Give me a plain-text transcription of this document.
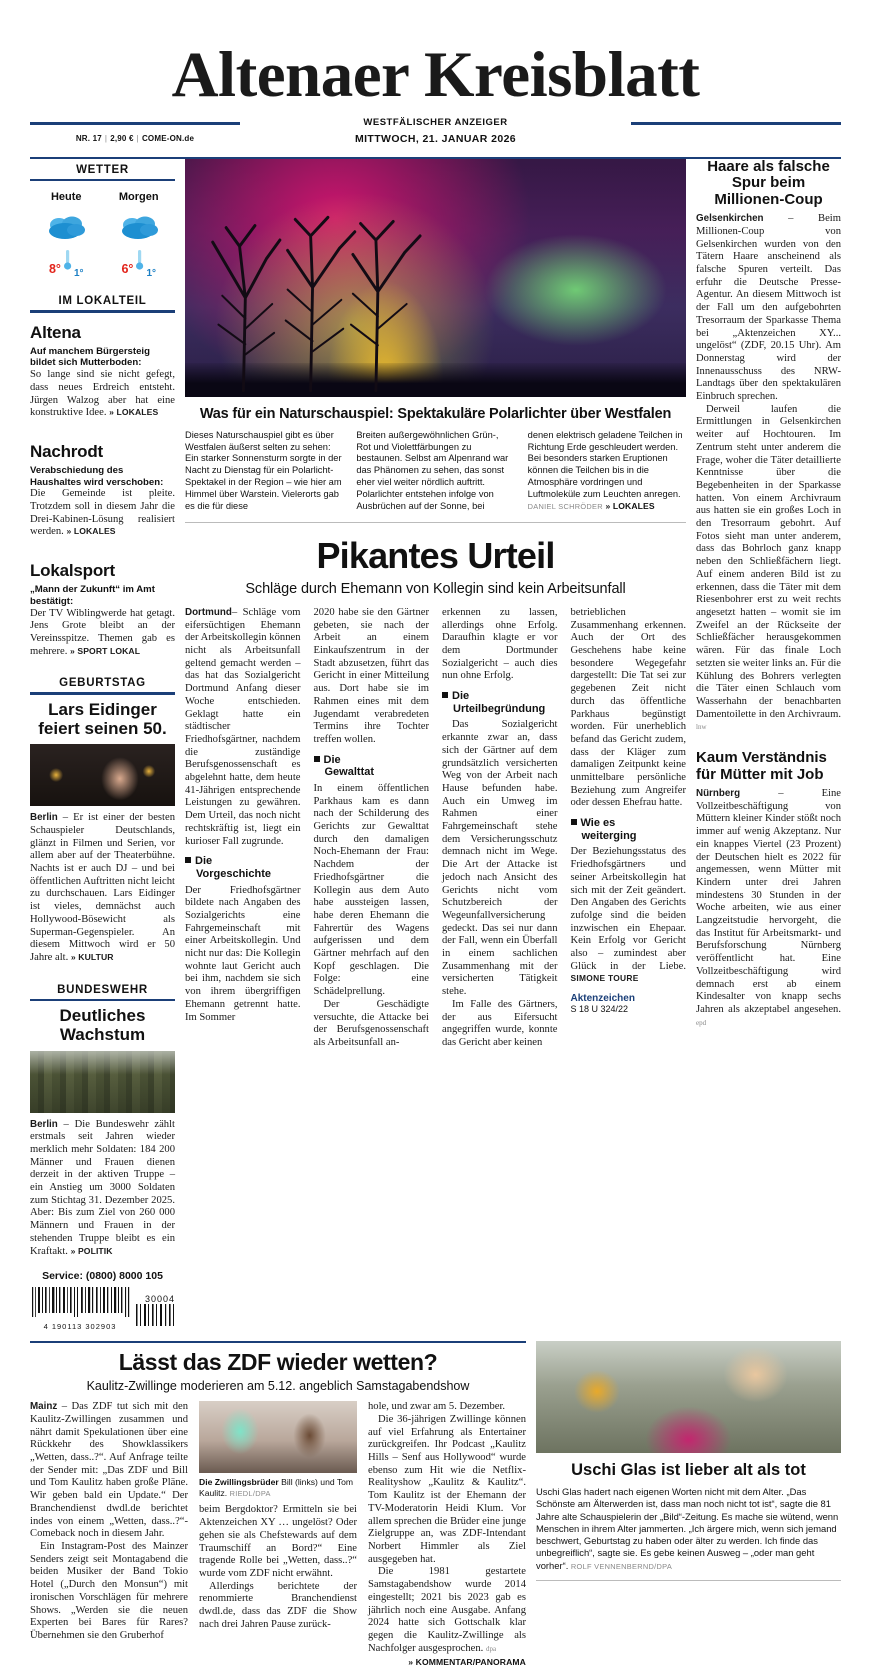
Altenaer Kreisblatt
WESTFÄLISCHER ANZEIGER
NR. 17 | 2,90 € | COME-ON.de	MITTWOCH, 21. JANUAR 2026
WETTER
Heute
8° 1°
Morgen
6° 1°
IM LOKALTEIL
Altena
Auf manchem Bürgersteig bildet sich Mutterboden:
So lange sind sie nicht gefegt, dass neues Erdreich entsteht. Jürgen Walzog aber hat eine konstruktive Idee. » LOKALES
Nachrodt
Verabschiedung des Haushaltes wird verschoben:
Die Gemeinde ist pleite. Trotzdem soll in diesem Jahr die Drei-Kabinen-Lösung realisiert werden. » LOKALES
Lokalsport
„Mann der Zukunft“ im Amt bestätigt:
Der TV Wiblingwerde hat getagt. Jens Grote bleibt an der Vereinsspitze. Themen gab es mehrere. » SPORT LOKAL
GEBURTSTAG
Lars Eidinger feiert seinen 50.
Berlin – Er ist einer der besten Schauspieler Deutschlands, glänzt in Filmen und Serien, vor allem aber auf der Theaterbühne. Nachts ist er auch DJ – und bei öffentlichen Auftritten nicht leicht zu durchschauen. Lars Eidinger ist vieles, demnächst auch Hollywood-Bösewicht als Superman-Gegenspieler. An diesem Mittwoch wird er 50 Jahre alt. » KULTUR
BUNDESWEHR
Deutliches Wachstum
Berlin – Die Bundeswehr zählt erstmals seit Jahren wieder merklich mehr Soldaten: 184 200 Männer und Frauen dienen derzeit in der aktiven Truppe – ein Anstieg um 3000 Soldaten zum Stichtag 31. Dezember 2025. Aber: Bis zum Ziel von 260 000 Männern und Frauen in der stehenden Truppe bleibt es ein Kraftakt. » POLITIK
Service: (0800) 8000 105
4 190113 302903
30004
Was für ein Naturschauspiel: Spektakuläre Polarlichter über Westfalen
Dieses Naturschauspiel gibt es über Westfalen äußerst selten zu sehen: Ein starker Sonnensturm sorgte in der Nacht zu Dienstag für ein Polarlicht-Spektakel in der Region – wie hier am Himmel über Warstein. Vielerorts gab es die für diese
Breiten außergewöhnlichen Grün-, Rot und Violettfärbungen zu bestaunen. Selbst am Alpenrand war das Phänomen zu sehen, das sonst eher viel weiter nördlich auftritt. Polarlichter entstehen infolge von Ausbrüchen auf der Sonne, bei
denen elektrisch geladene Teilchen in Richtung Erde geschleudert werden. Bei besonders starken Eruptionen können die Teilchen bis in die Atmosphäre vordringen und Luftmoleküle zum Leuchten anregen. DANIEL SCHRÖDER » LOKALES
Pikantes Urteil
Schläge durch Ehemann von Kollegin sind kein Arbeitsunfall
Dortmund– Schläge vom eifersüchtigen Ehemann der Arbeitskollegin können nicht als Arbeitsunfall geltend gemacht werden – das hat das Sozialgericht Dortmund Anfang dieser Woche entschieden. Geklagt hatte ein städtischer Friedhofsgärtner, nachdem die zuständige Berufsgenossenschaft es abgelehnt hatte, dem heute 41-Jährigen entsprechende Leistungen zu gewähren. Dem Urteil, das noch nicht rechtskräftig ist, liegt ein kurioser Fall zugrunde.
Die
Vorgeschichte
Der Friedhofsgärtner bildete nach Angaben des Sozialgerichts eine Fahrgemeinschaft mit einer Arbeitskollegin. Und nicht nur das: Die Kollegin wohnte laut Gericht auch bei ihm, nachdem sie sich von ihrem übergriffigen Ehemann getrennt hatte. Im Sommer
2020 habe sie den Gärtner gebeten, sie nach der Arbeit an einem Einkaufszentrum in der Stadt abzusetzen, führt das Gericht in einer Mitteilung aus. Dort habe sie im Rahmen eines mit dem Jugendamt verabredeten Termins ihre Tochter treffen wollen.
Die
Gewalttat
In einem öffentlichen Parkhaus kam es dann nach der Schilderung des Gerichts zur Gewalttat durch den damaligen Noch-Ehemann der Frau: Nachdem der Friedhofsgärtner die Kollegin aus dem Auto habe aussteigen lassen, habe deren Ehemann die Fahrertür des Wagens aufgerissen und dem Gärtner mehrfach auf den Kopf geschlagen. Die Folge: eine Schädelprellung.
Der Geschädigte versuchte, die Attacke bei der Berufsgenossenschaft als Arbeitsunfall an-
erkennen zu lassen, allerdings ohne Erfolg. Daraufhin klagte er vor dem Dortmunder Sozialgericht – auch dies nun ohne Erfolg.
Die
Urteilbegründung
Das Sozialgericht erkannte zwar an, dass sich der Gärtner auf dem grundsätzlich versicherten Weg von der Arbeit nach Hause befunden habe. Auch ein Umweg im Rahmen einer Fahrgemeinschaft stehe dem Versicherungsschutz demnach nicht im Wege. Die Art der Attacke ist jedoch nach Ansicht des Gerichts nicht vom Schutzbereich der Wegeunfallversicherung gedeckt. Das sei nur dann der Fall, wenn ein Überfall in einem sachlichen Zusammenhang mit der versicherten Tätigkeit stehe.
Im Falle des Gärtners, der aus Eifersucht angegriffen wurde, konnte das Gericht aber keinen
betrieblichen Zusammenhang erkennen. Auch der Ort des Geschehens habe keine besondere Wegegefahr dargestellt: Die Tat sei zur gegebenen Zeit nicht durch das öffentliche Parkhaus begünstigt worden. Für unerheblich befand das Gericht zudem, dass der Kläger zum damaligen Zeitpunkt keine unmittelbare persönliche Beziehung zum Angreifer oder dessen Ehefrau hatte.
Wie es
weiterging
Der Beziehungsstatus des Friedhofsgärtners und seiner Arbeitskollegin hat sich mit der Zeit geändert. Den Angaben des Gerichts zufolge sind die beiden inzwischen ein Ehepaar. Kein Erfolg vor Gericht also – zumindest aber Glück in der Liebe. SIMONE TOURE
Aktenzeichen
S 18 U 324/22
Haare als falsche Spur beim Millionen-Coup
Gelsenkirchen – Beim Millionen-Coup von Gelsenkirchen wurden von den Tätern Haare anscheinend als falsche Spuren verteilt. Das erfuhr die Deutsche Presse-Agentur. An diesem Mittwoch ist der Fall um den aufgebohrten Tresorraum der Sparkasse Thema bei „Aktenzeichen XY... ungelöst“ (ZDF, 20.15 Uhr). Am Donnerstag wird der Innenausschuss des NRW-Landtags über den spektakulären Einbruch sprechen.
Derweil laufen die Ermittlungen in Gelsenkirchen weiter auf Hochtouren. Im Zentrum steht unter anderem die Frage, woher die Täter detaillierte Kenntnisse über die Begebenheiten in der Sparkasse hatten. Von einem Archivraum aus hatten sie ein großes Loch in den Tresorraum gebohrt. Auf Fotos sieht man unter anderem, dass das Bohrloch ganz knapp neben den Schließfächern liegt. Auf einem anderen Bild ist zu erkennen, dass die Täter mit dem Riesenbohrer erst zu weit rechts angesetzt hatten – womit sie im Zweifel an der Rückseite der Schließfächer herausgekommen wären. Für das finale Loch setzten sie weiter links an. Für die Kühlung des Bohrers verlegten die Täter einen Schlauch vom Wasserhahn der benachbarten Damentoilette in den Archivraum. lnw
Kaum Verständnis für Mütter mit Job
Nürnberg	– Eine Vollzeitbeschäftigung von Müttern kleiner Kinder stößt noch immer auf wenig Akzeptanz. Nur ein knappes Viertel (23 Prozent) der Deutschen hielt es 2022 für angemessen, wenn Mütter mit Kindern unter drei Jahren mindestens 30 Stunden in der Woche arbeiten, wie aus einer Langzeitstudie hervorgeht, die das Institut für Arbeitsmarkt- und Berufsforschung Nürnberg veröffentlicht hat. Eine Vollzeitbeschäftigung wird demnach erst ab einem Kindesalter von knapp sechs Jahren als akzeptabel angesehen. epd
Lässt das ZDF wieder wetten?
Kaulitz-Zwillinge moderieren am 5.12. angeblich Samstagabendshow
Mainz – Das ZDF tut sich mit den Kaulitz-Zwillingen zusammen und nährt damit Spekulationen über eine Rückkehr des Showklassikers „Wetten, dass..?“. Auf Anfrage teilte der Sender mit: „Das ZDF und Bill und Tom Kaulitz haben große Pläne. Wir geben bald ein Update.“ Der Branchendienst dwdl.de berichtet indes von einem „Wetten, dass..?“-Comeback noch in diesem Jahr.
Ein Instagram-Post des Mainzer Senders zeigt seit Montagabend die beiden Musiker der Band Tokio Hotel („Durch den Monsun“) mit ironischen Vorschlägen für mehrere Shows. „Werden sie die neuen Experten bei Bares für Rares? Übernehmen sie den Gruberhof
Die Zwillingsbrüder Bill (links) und Tom Kaulitz. RIEDL/DPA
beim Bergdoktor? Ermitteln sie bei Aktenzeichen XY … ungelöst? Oder gehen sie als Chefstewards auf dem Traumschiff an Bord?“ Eine tragende Rolle bei „Wetten, dass..?“ wurde vom ZDF nicht erwähnt.
Allerdings berichtete der renommierte Branchendienst dwdl.de, dass das ZDF die Show nach drei Jahren Pause zurück-
hole, und zwar am 5. Dezember.
Die 36-jährigen Zwillinge können auf viel Erfahrung als Entertainer zurückgreifen. Ihr Podcast „Kaulitz Hills – Senf aus Hollywood“ wurde ebenso zum Hit wie die Netflix-Realityshow „Kaulitz & Kaulitz“. Tom Kaulitz ist der Ehemann der TV-Moderatorin Heidi Klum. Vor allem sprechen die Brüder eine junge Zielgruppe an, was ZDF-Intendant Norbert Himmler als Ziel ausgegeben hat.
Die 1981 gestartete Samstagabendshow wurde 2014 eingestellt; 2021 bis 2023 gab es jährlich noch eine Ausgabe. Anfang 2024 hatte sich Gottschalk klar gegen die Kaulitz-Zwillinge als Nachfolger ausgesprochen. dpa
» KOMMENTAR/PANORAMA
Uschi Glas ist lieber alt als tot
Uschi Glas hadert nach eigenen Worten nicht mit dem Alter. „Das Schönste am Älterwerden ist, dass man noch nicht tot ist“, sagte die 81 Jahre alte Schauspielerin der „Bild“-Zeitung. Es mache sie wütend, wenn Menschen in ihrem Alter jammerten. „Ich ärgere mich, wenn sich jemand beschwert, Geburtstag zu haben oder älter zu werden. Ich finde das unbegreiflich“, sagte sie. Es gebe keinen Ausweg – „oder man geht vorher“. ROLF VENNENBERND/DPA
